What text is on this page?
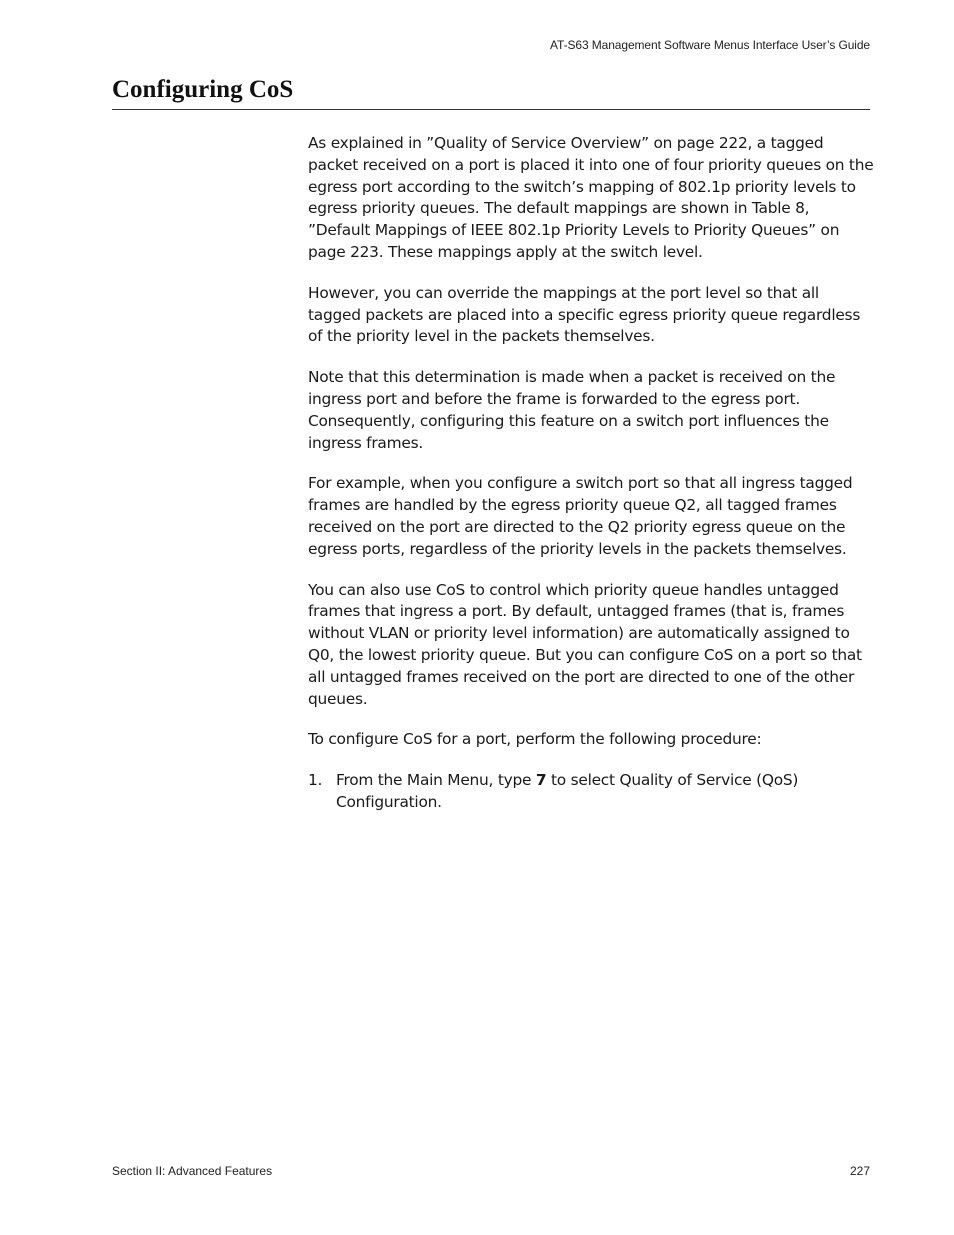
AT-S63 Management Software Menus Interface User’s Guide
Configuring CoS

As explained in ”Quality of Service Overview” on page 222, a tagged packet received on a port is placed it into one of four priority queues on the egress port according to the switch’s mapping of 802.1p priority levels to egress priority queues. The default mappings are shown in Table 8, ”Default Mappings of IEEE 802.1p Priority Levels to Priority Queues” on page 223. These mappings apply at the switch level.

However, you can override the mappings at the port level so that all tagged packets are placed into a specific egress priority queue regardless of the priority level in the packets themselves.

Note that this determination is made when a packet is received on the ingress port and before the frame is forwarded to the egress port. Consequently, configuring this feature on a switch port influences the ingress frames.

For example, when you configure a switch port so that all ingress tagged frames are handled by the egress priority queue Q2, all tagged frames received on the port are directed to the Q2 priority egress queue on the egress ports, regardless of the priority levels in the packets themselves.

You can also use CoS to control which priority queue handles untagged frames that ingress a port. By default, untagged frames (that is, frames without VLAN or priority level information) are automatically assigned to Q0, the lowest priority queue. But you can configure CoS on a port so that all untagged frames received on the port are directed to one of the other queues.

To configure CoS for a port, perform the following procedure:

1. From the Main Menu, type 7 to select Quality of Service (QoS) Configuration.
Section II: Advanced Features	227
